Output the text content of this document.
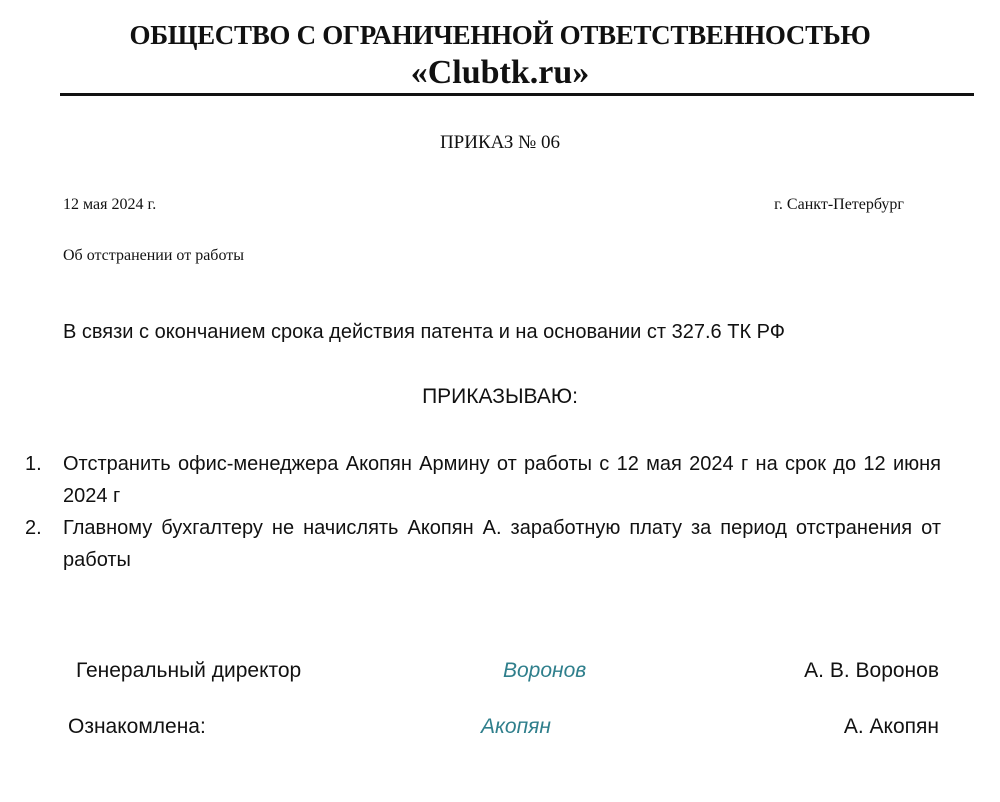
ОБЩЕСТВО С ОГРАНИЧЕННОЙ ОТВЕТСТВЕННОСТЬЮ
«Clubtk.ru»
ПРИКАЗ № 06
12 мая 2024 г.	г. Санкт-Петербург
Об отстранении от работы
В связи с окончанием срока действия патента и на основании ст 327.6 ТК РФ
ПРИКАЗЫВАЮ:
1. Отстранить офис-менеджера Акопян Армину от работы с 12 мая 2024 г на срок до 12 июня 2024 г
2. Главному бухгалтеру не начислять Акопян А. заработную плату за период отстранения от работы
Генеральный директор	Воронов	А. В. Воронов
Ознакомлена:	Акопян	А. Акопян
